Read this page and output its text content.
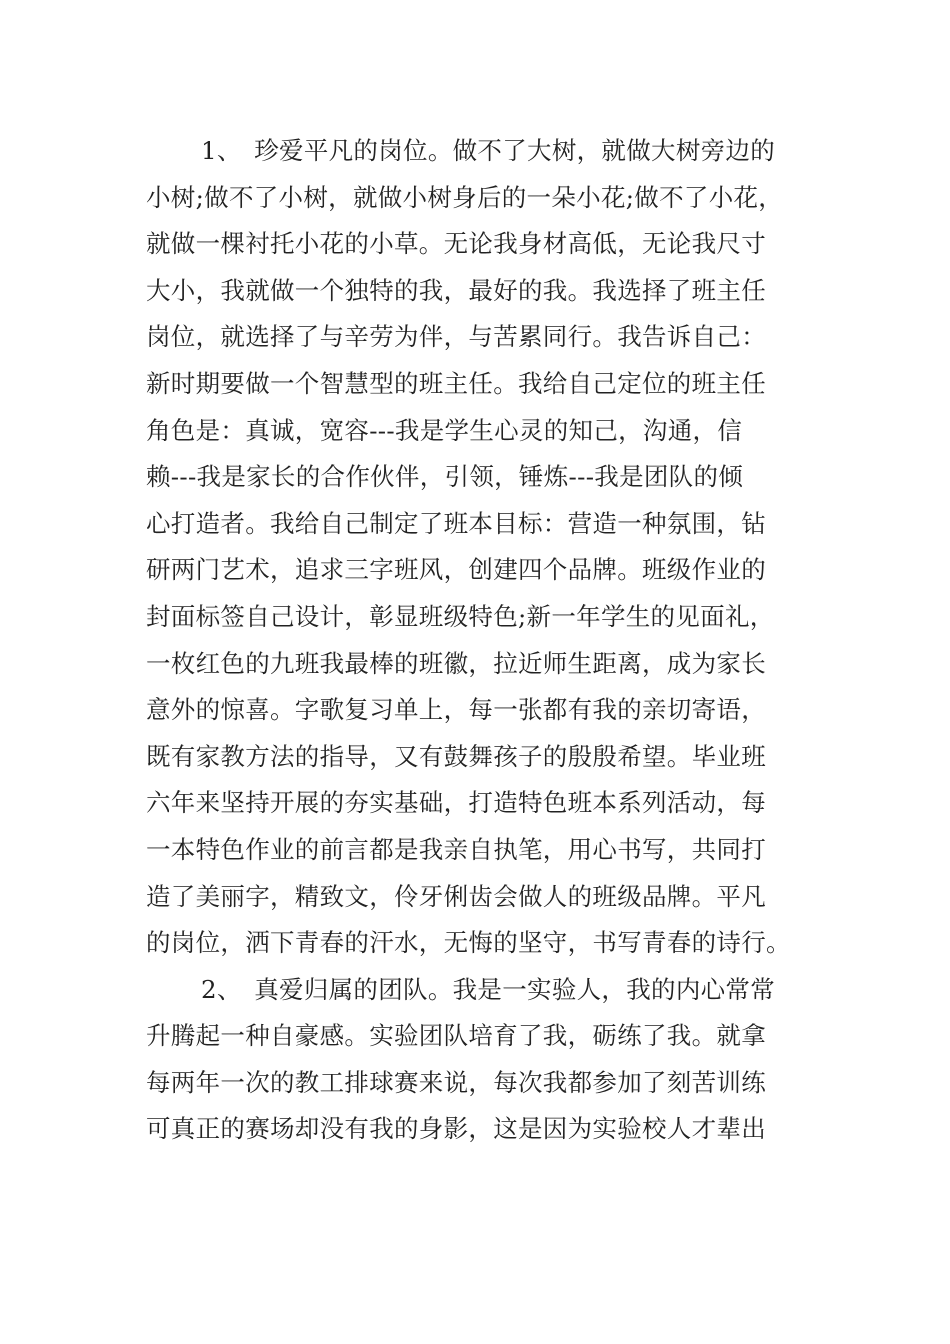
1、　珍爱平凡的岗位。做不了大树，就做大树旁边的
小树;做不了小树，就做小树身后的一朵小花;做不了小花，
就做一棵衬托小花的小草。无论我身材高低，无论我尺寸
大小，我就做一个独特的我，最好的我。我选择了班主任
岗位，就选择了与辛劳为伴，与苦累同行。我告诉自己：
新时期要做一个智慧型的班主任。我给自己定位的班主任
角色是：真诚，宽容---我是学生心灵的知己，沟通，信
赖---我是家长的合作伙伴，引领，锤炼---我是团队的倾
心打造者。我给自己制定了班本目标：营造一种氛围，钻
研两门艺术，追求三字班风，创建四个品牌。班级作业的
封面标签自己设计，彰显班级特色;新一年学生的见面礼，
一枚红色的九班我最棒的班徽，拉近师生距离，成为家长
意外的惊喜。字歌复习单上，每一张都有我的亲切寄语，
既有家教方法的指导，又有鼓舞孩子的殷殷希望。毕业班
六年来坚持开展的夯实基础，打造特色班本系列活动，每
一本特色作业的前言都是我亲自执笔，用心书写，共同打
造了美丽字，精致文，伶牙俐齿会做人的班级品牌。平凡
的岗位，洒下青春的汗水，无悔的坚守，书写青春的诗行。
2、　真爱归属的团队。我是一实验人，我的内心常常
升腾起一种自豪感。实验团队培育了我，砺练了我。就拿
每两年一次的教工排球赛来说，每次我都参加了刻苦训练
可真正的赛场却没有我的身影，这是因为实验校人才辈出
